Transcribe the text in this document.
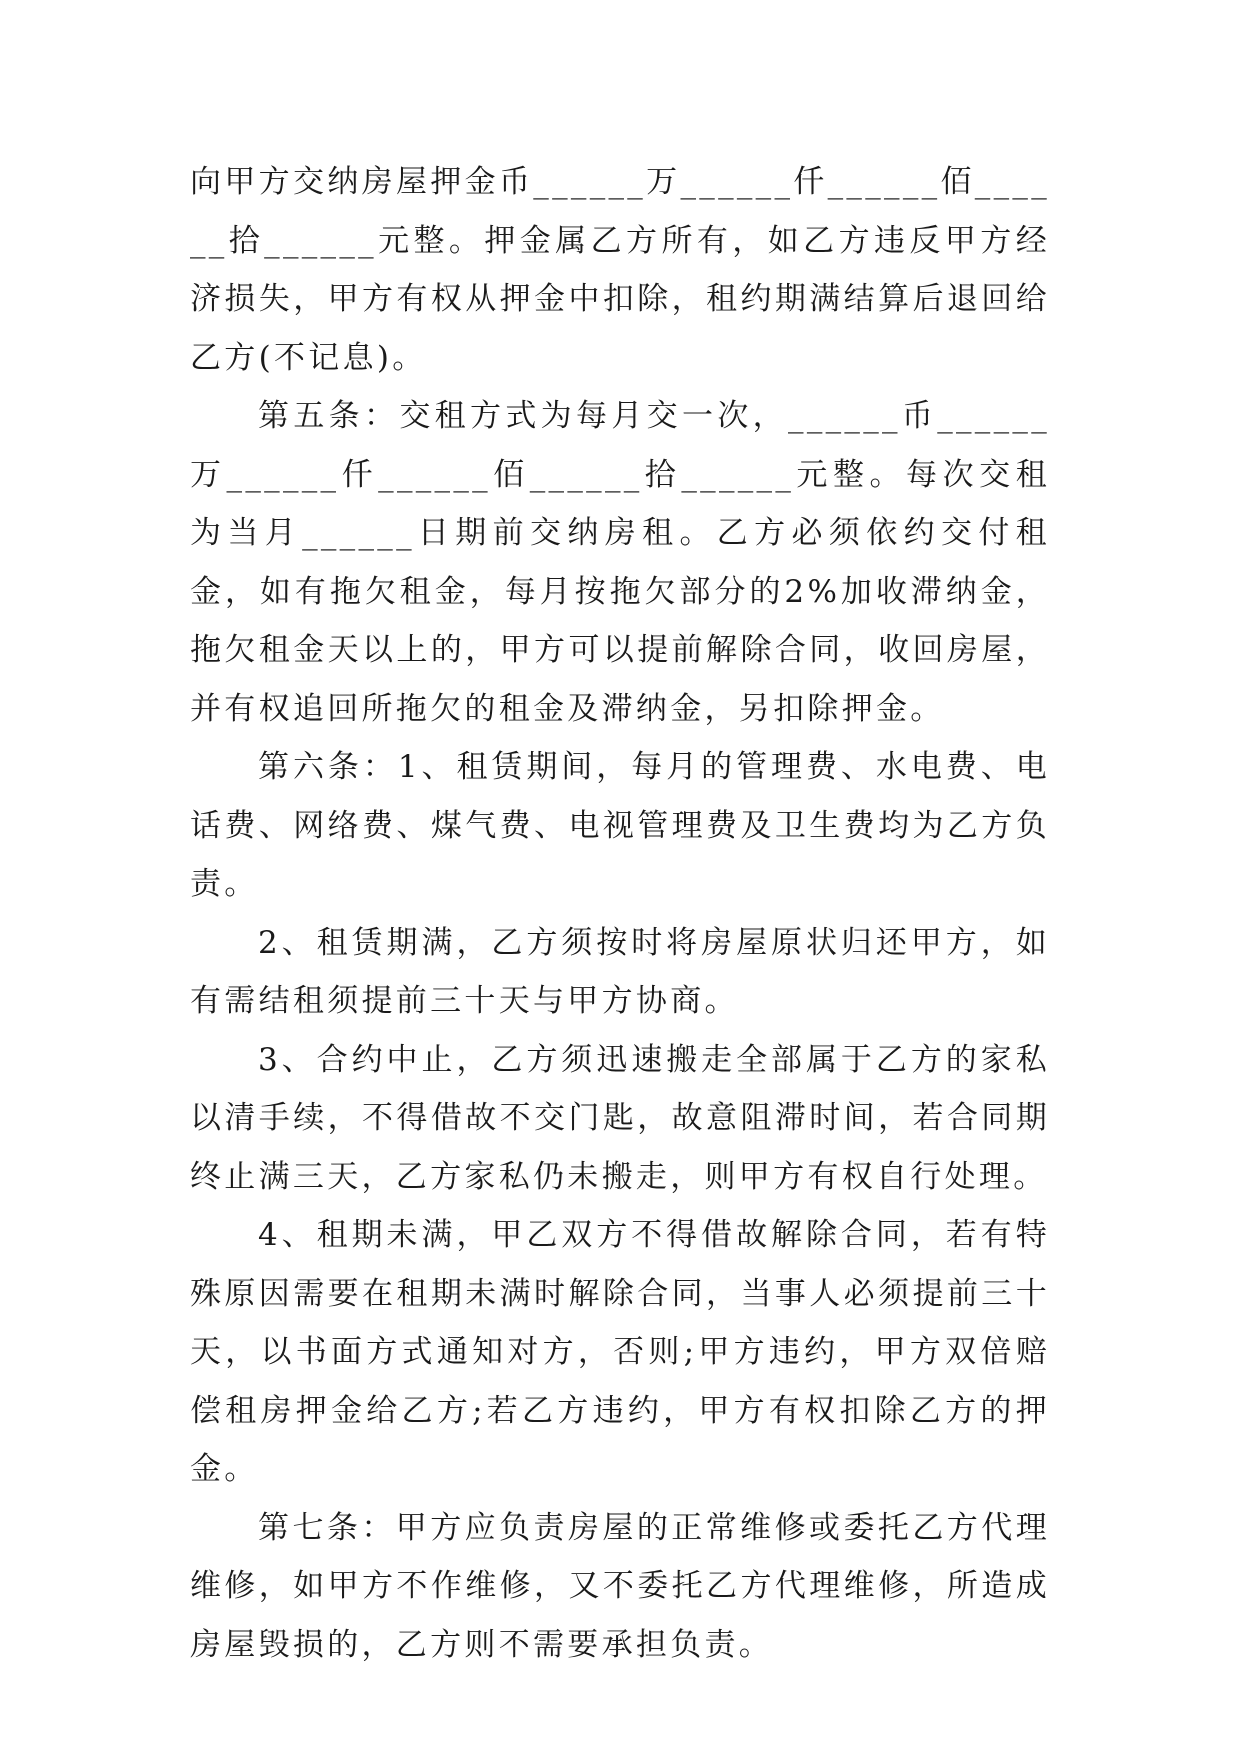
向甲方交纳房屋押金币______万______仟______佰______拾______元整。押金属乙方所有，如乙方违反甲方经济损失，甲方有权从押金中扣除，租约期满结算后退回给乙方(不记息)。

第五条：交租方式为每月交一次，______币______万______仟______佰______拾______元整。每次交租为当月______日期前交纳房租。乙方必须依约交付租金，如有拖欠租金，每月按拖欠部分的2%加收滞纳金，拖欠租金天以上的，甲方可以提前解除合同，收回房屋，并有权追回所拖欠的租金及滞纳金，另扣除押金。

第六条：1、租赁期间，每月的管理费、水电费、电话费、网络费、煤气费、电视管理费及卫生费均为乙方负责。

2、租赁期满，乙方须按时将房屋原状归还甲方，如有需结租须提前三十天与甲方协商。

3、合约中止，乙方须迅速搬走全部属于乙方的家私以清手续，不得借故不交门匙，故意阻滞时间，若合同期终止满三天，乙方家私仍未搬走，则甲方有权自行处理。

4、租期未满，甲乙双方不得借故解除合同，若有特殊原因需要在租期未满时解除合同，当事人必须提前三十天，以书面方式通知对方，否则;甲方违约，甲方双倍赔偿租房押金给乙方;若乙方违约，甲方有权扣除乙方的押金。

第七条：甲方应负责房屋的正常维修或委托乙方代理维修，如甲方不作维修，又不委托乙方代理维修，所造成房屋毁损的，乙方则不需要承担负责。
